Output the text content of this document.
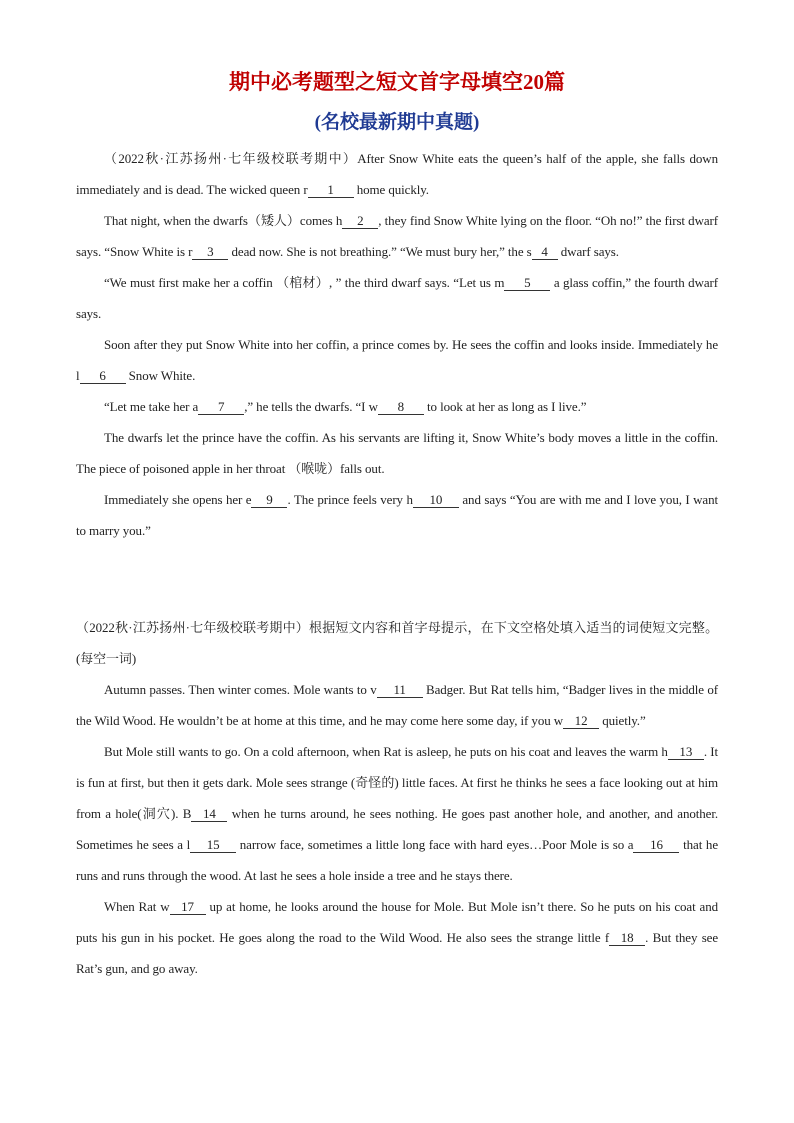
期中必考题型之短文首字母填空20篇
(名校最新期中真题)

（2022秋·江苏扬州·七年级校联考期中）After Snow White eats the queen’s half of the apple, she falls down immediately and is dead. The wicked queen r 1 home quickly.

That night, when the dwarfs（矮人）comes h 2 , they find Snow White lying on the floor. “Oh no!” the first dwarf says. “Snow White is r 3 dead now. She is not breathing.” “We must bury her,” the s 4 dwarf says.

“We must first make her a coffin （棺材）, ” the third dwarf says. “Let us m 5 a glass coffin,” the fourth dwarf says.

Soon after they put Snow White into her coffin, a prince comes by. He sees the coffin and looks inside. Immediately he l 6 Snow White.

“Let me take her a 7 ,” he tells the dwarfs. “I w 8 to look at her as long as I live.”

The dwarfs let the prince have the coffin. As his servants are lifting it, Snow White’s body moves a little in the coffin. The piece of poisoned apple in her throat （喉咙）falls out.

Immediately she opens her e 9 . The prince feels very h 10 and says “You are with me and I love you, I want to marry you.”

（2022秋·江苏扬州·七年级校联考期中）根据短文内容和首字母提示，在下文空格处填入适当的词使短文完整。(每空一词)

Autumn passes. Then winter comes. Mole wants to v 11 Badger. But Rat tells him, “Badger lives in the middle of the Wild Wood. He wouldn’t be at home at this time, and he may come here some day, if you w 12 quietly.”

But Mole still wants to go. On a cold afternoon, when Rat is asleep, he puts on his coat and leaves the warm h 13 . It is fun at first, but then it gets dark. Mole sees strange (奇怪的) little faces. At first he thinks he sees a face looking out at him from a hole(洞穴). B 14 when he turns around, he sees nothing. He goes past another hole, and another, and another. Sometimes he sees a l 15 narrow face, sometimes a little long face with hard eyes…Poor Mole is so a 16 that he runs and runs through the wood. At last he sees a hole inside a tree and he stays there.

When Rat w 17 up at home, he looks around the house for Mole. But Mole isn’t there. So he puts on his coat and puts his gun in his pocket. He goes along the road to the Wild Wood. He also sees the strange little f 18 . But they see Rat’s gun, and go away.
